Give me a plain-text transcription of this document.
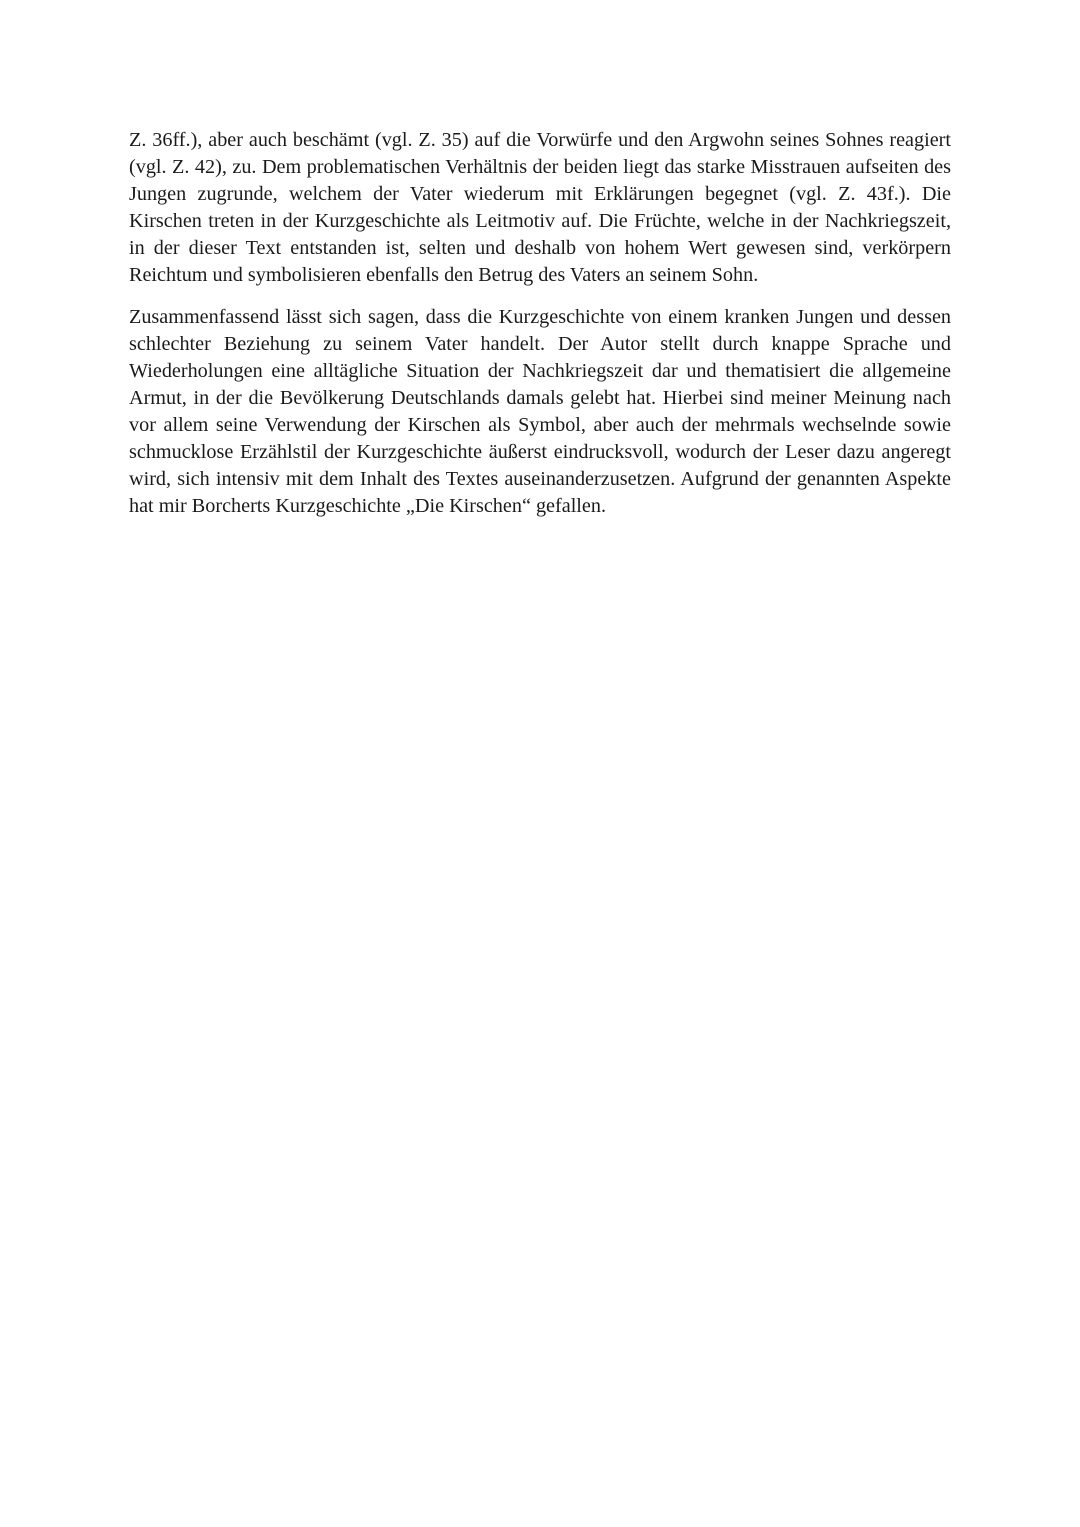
Z. 36ff.), aber auch beschämt (vgl. Z. 35) auf die Vorwürfe und den Argwohn seines Sohnes reagiert (vgl. Z. 42), zu. Dem problematischen Verhältnis der beiden liegt das starke Misstrauen aufseiten des Jungen zugrunde, welchem der Vater wiederum mit Erklärungen begegnet (vgl. Z. 43f.). Die Kirschen treten in der Kurzgeschichte als Leitmotiv auf. Die Früchte, welche in der Nachkriegszeit, in der dieser Text entstanden ist, selten und deshalb von hohem Wert gewesen sind, verkörpern Reichtum und symbolisieren ebenfalls den Betrug des Vaters an seinem Sohn.

Zusammenfassend lässt sich sagen, dass die Kurzgeschichte von einem kranken Jungen und dessen schlechter Beziehung zu seinem Vater handelt. Der Autor stellt durch knappe Sprache und Wiederholungen eine alltägliche Situation der Nachkriegszeit dar und thematisiert die allgemeine Armut, in der die Bevölkerung Deutschlands damals gelebt hat. Hierbei sind meiner Meinung nach vor allem seine Verwendung der Kirschen als Symbol, aber auch der mehrmals wechselnde sowie schmucklose Erzählstil der Kurzgeschichte äußerst eindrucksvoll, wodurch der Leser dazu angeregt wird, sich intensiv mit dem Inhalt des Textes auseinanderzusetzen. Aufgrund der genannten Aspekte hat mir Borcherts Kurzgeschichte „Die Kirschen“ gefallen.
